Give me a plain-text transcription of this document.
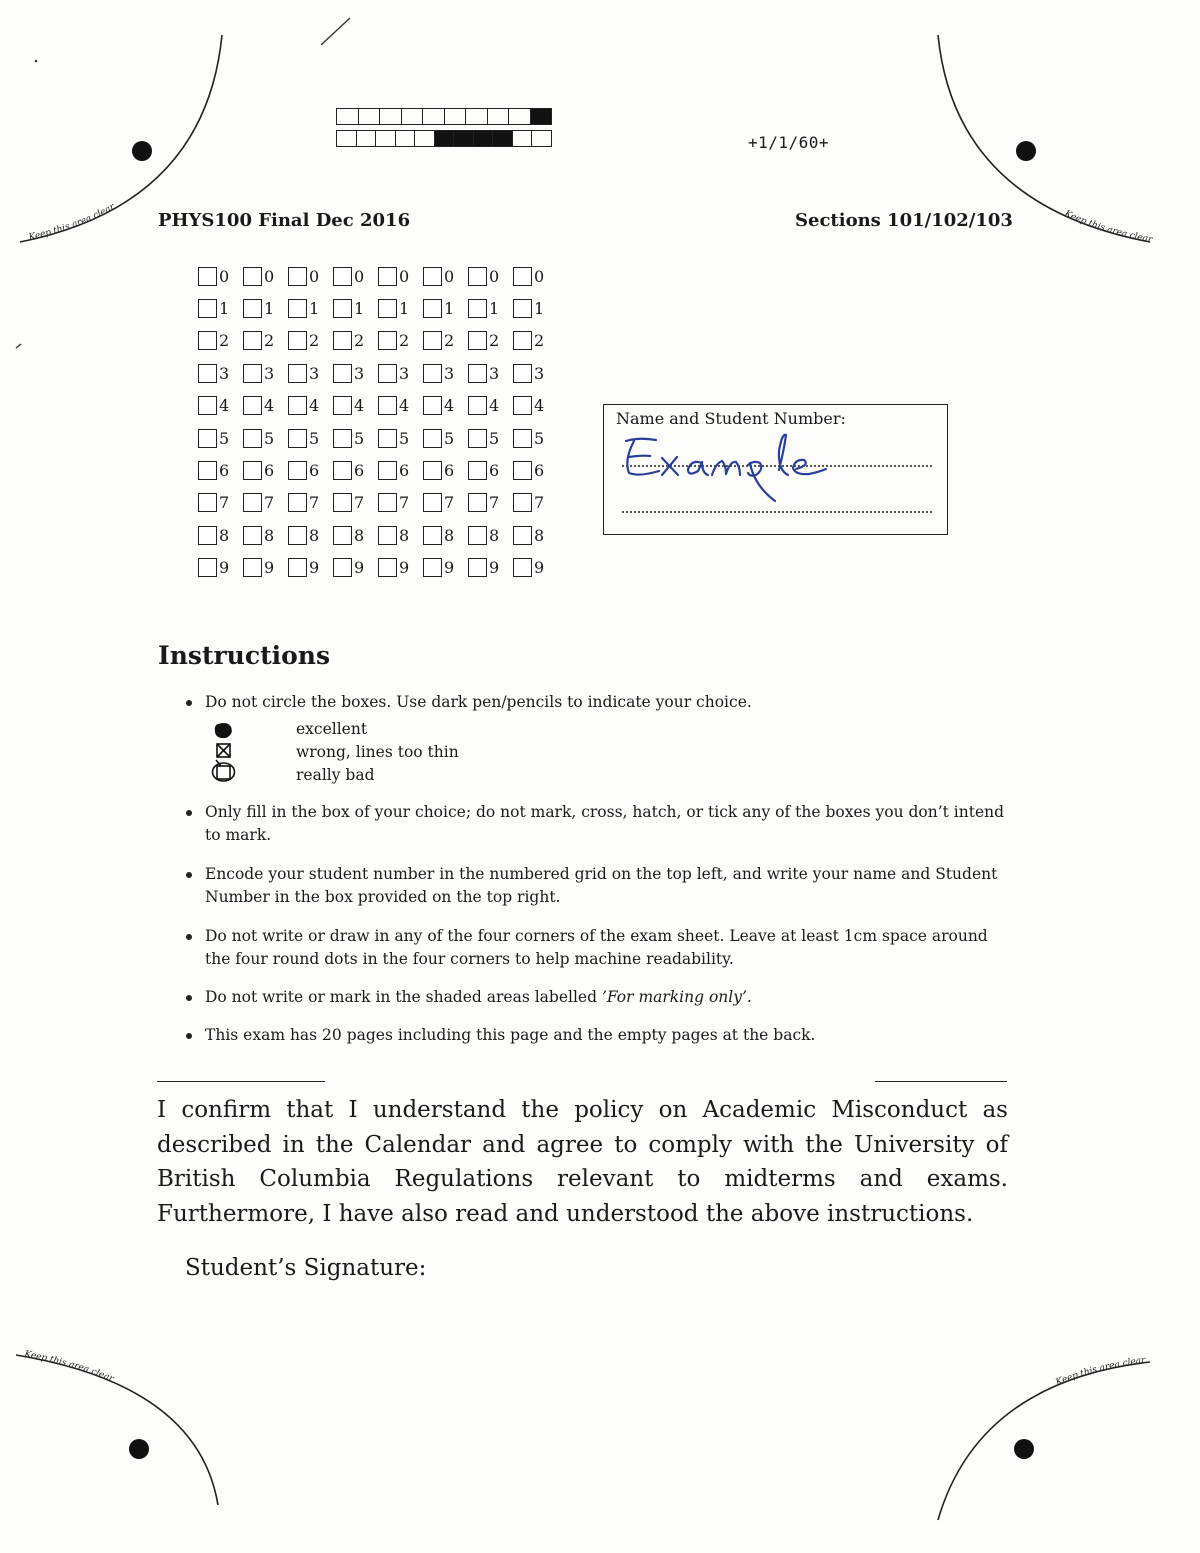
Keep this area clear
Keep this area clear
Keep this area clear	Keep this area clear
+1/1/60+
PHYS100 Final Dec 2016	Sections 101/102/103
0 0 0 0 0 0 0 0
1 1 1 1 1 1 1 1
2 2 2 2 2 2 2 2
3 3 3 3 3 3 3 3
4 4 4 4 4 4 4 4
5 5 5 5 5 5 5 5
6 6 6 6 6 6 6 6
7 7 7 7 7 7 7 7
8 8 8 8 8 8 8 8
9 9 9 9 9 9 9 9
Name and Student Number:
Instructions
Do not circle the boxes. Use dark pen/pencils to indicate your choice.
excellent
wrong, lines too thin
really bad
Only fill in the box of your choice; do not mark, cross, hatch, or tick any of the boxes you don’t intend to mark.
Encode your student number in the numbered grid on the top left, and write your name and Student Number in the box provided on the top right.
Do not write or draw in any of the four corners of the exam sheet. Leave at least 1cm space around the four round dots in the four corners to help machine readability.
Do not write or mark in the shaded areas labelled ’For marking only’.
This exam has 20 pages including this page and the empty pages at the back.
I confirm that I understand the policy on Academic Misconduct as described in the Calendar and agree to comply with the University of British Columbia Regulations relevant to midterms and exams. Furthermore, I have also read and understood the above instructions.
Student’s Signature:
